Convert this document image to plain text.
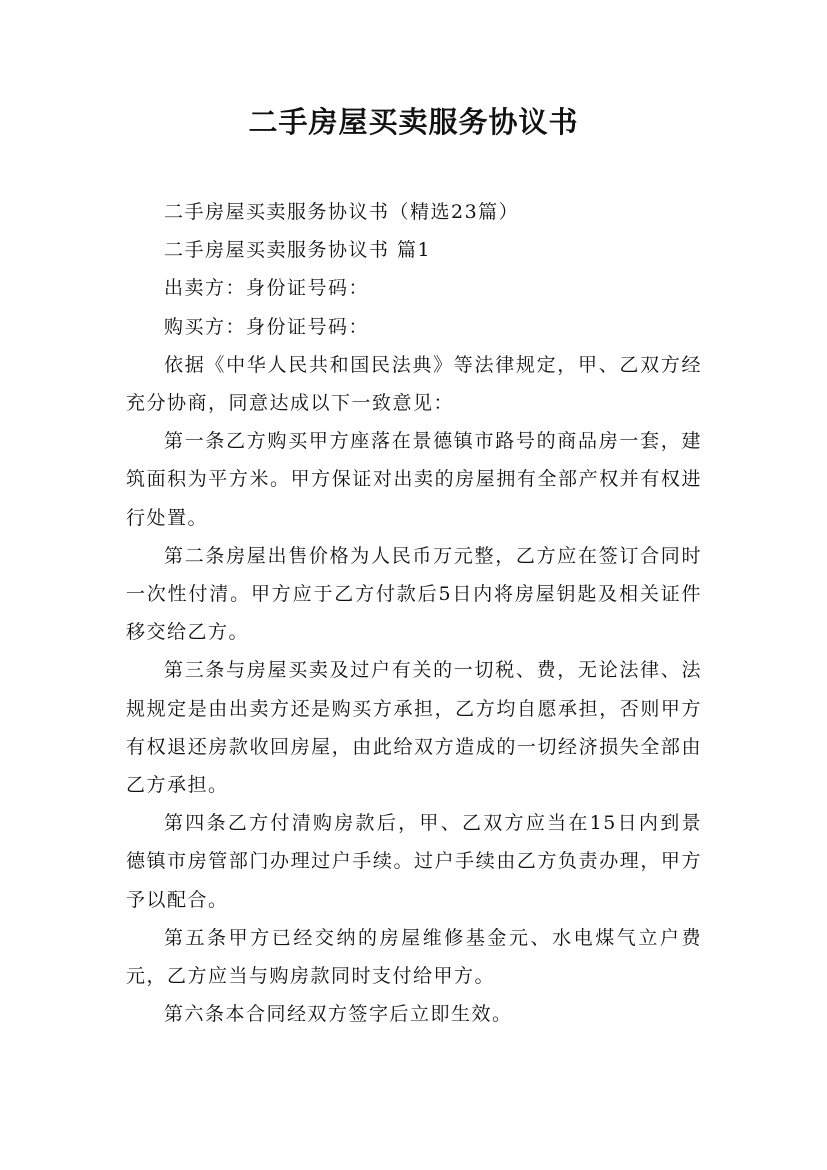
二手房屋买卖服务协议书

二手房屋买卖服务协议书（精选23篇）

二手房屋买卖服务协议书 篇1

出卖方：身份证号码：

购买方：身份证号码：

依据《中华人民共和国民法典》等法律规定，甲、乙双方经充分协商，同意达成以下一致意见：

第一条乙方购买甲方座落在景德镇市路号的商品房一套，建筑面积为平方米。甲方保证对出卖的房屋拥有全部产权并有权进行处置。

第二条房屋出售价格为人民币万元整，乙方应在签订合同时一次性付清。甲方应于乙方付款后5日内将房屋钥匙及相关证件移交给乙方。

第三条与房屋买卖及过户有关的一切税、费，无论法律、法规规定是由出卖方还是购买方承担，乙方均自愿承担，否则甲方有权退还房款收回房屋，由此给双方造成的一切经济损失全部由乙方承担。

第四条乙方付清购房款后，甲、乙双方应当在15日内到景德镇市房管部门办理过户手续。过户手续由乙方负责办理，甲方予以配合。

第五条甲方已经交纳的房屋维修基金元、水电煤气立户费元，乙方应当与购房款同时支付给甲方。

第六条本合同经双方签字后立即生效。
